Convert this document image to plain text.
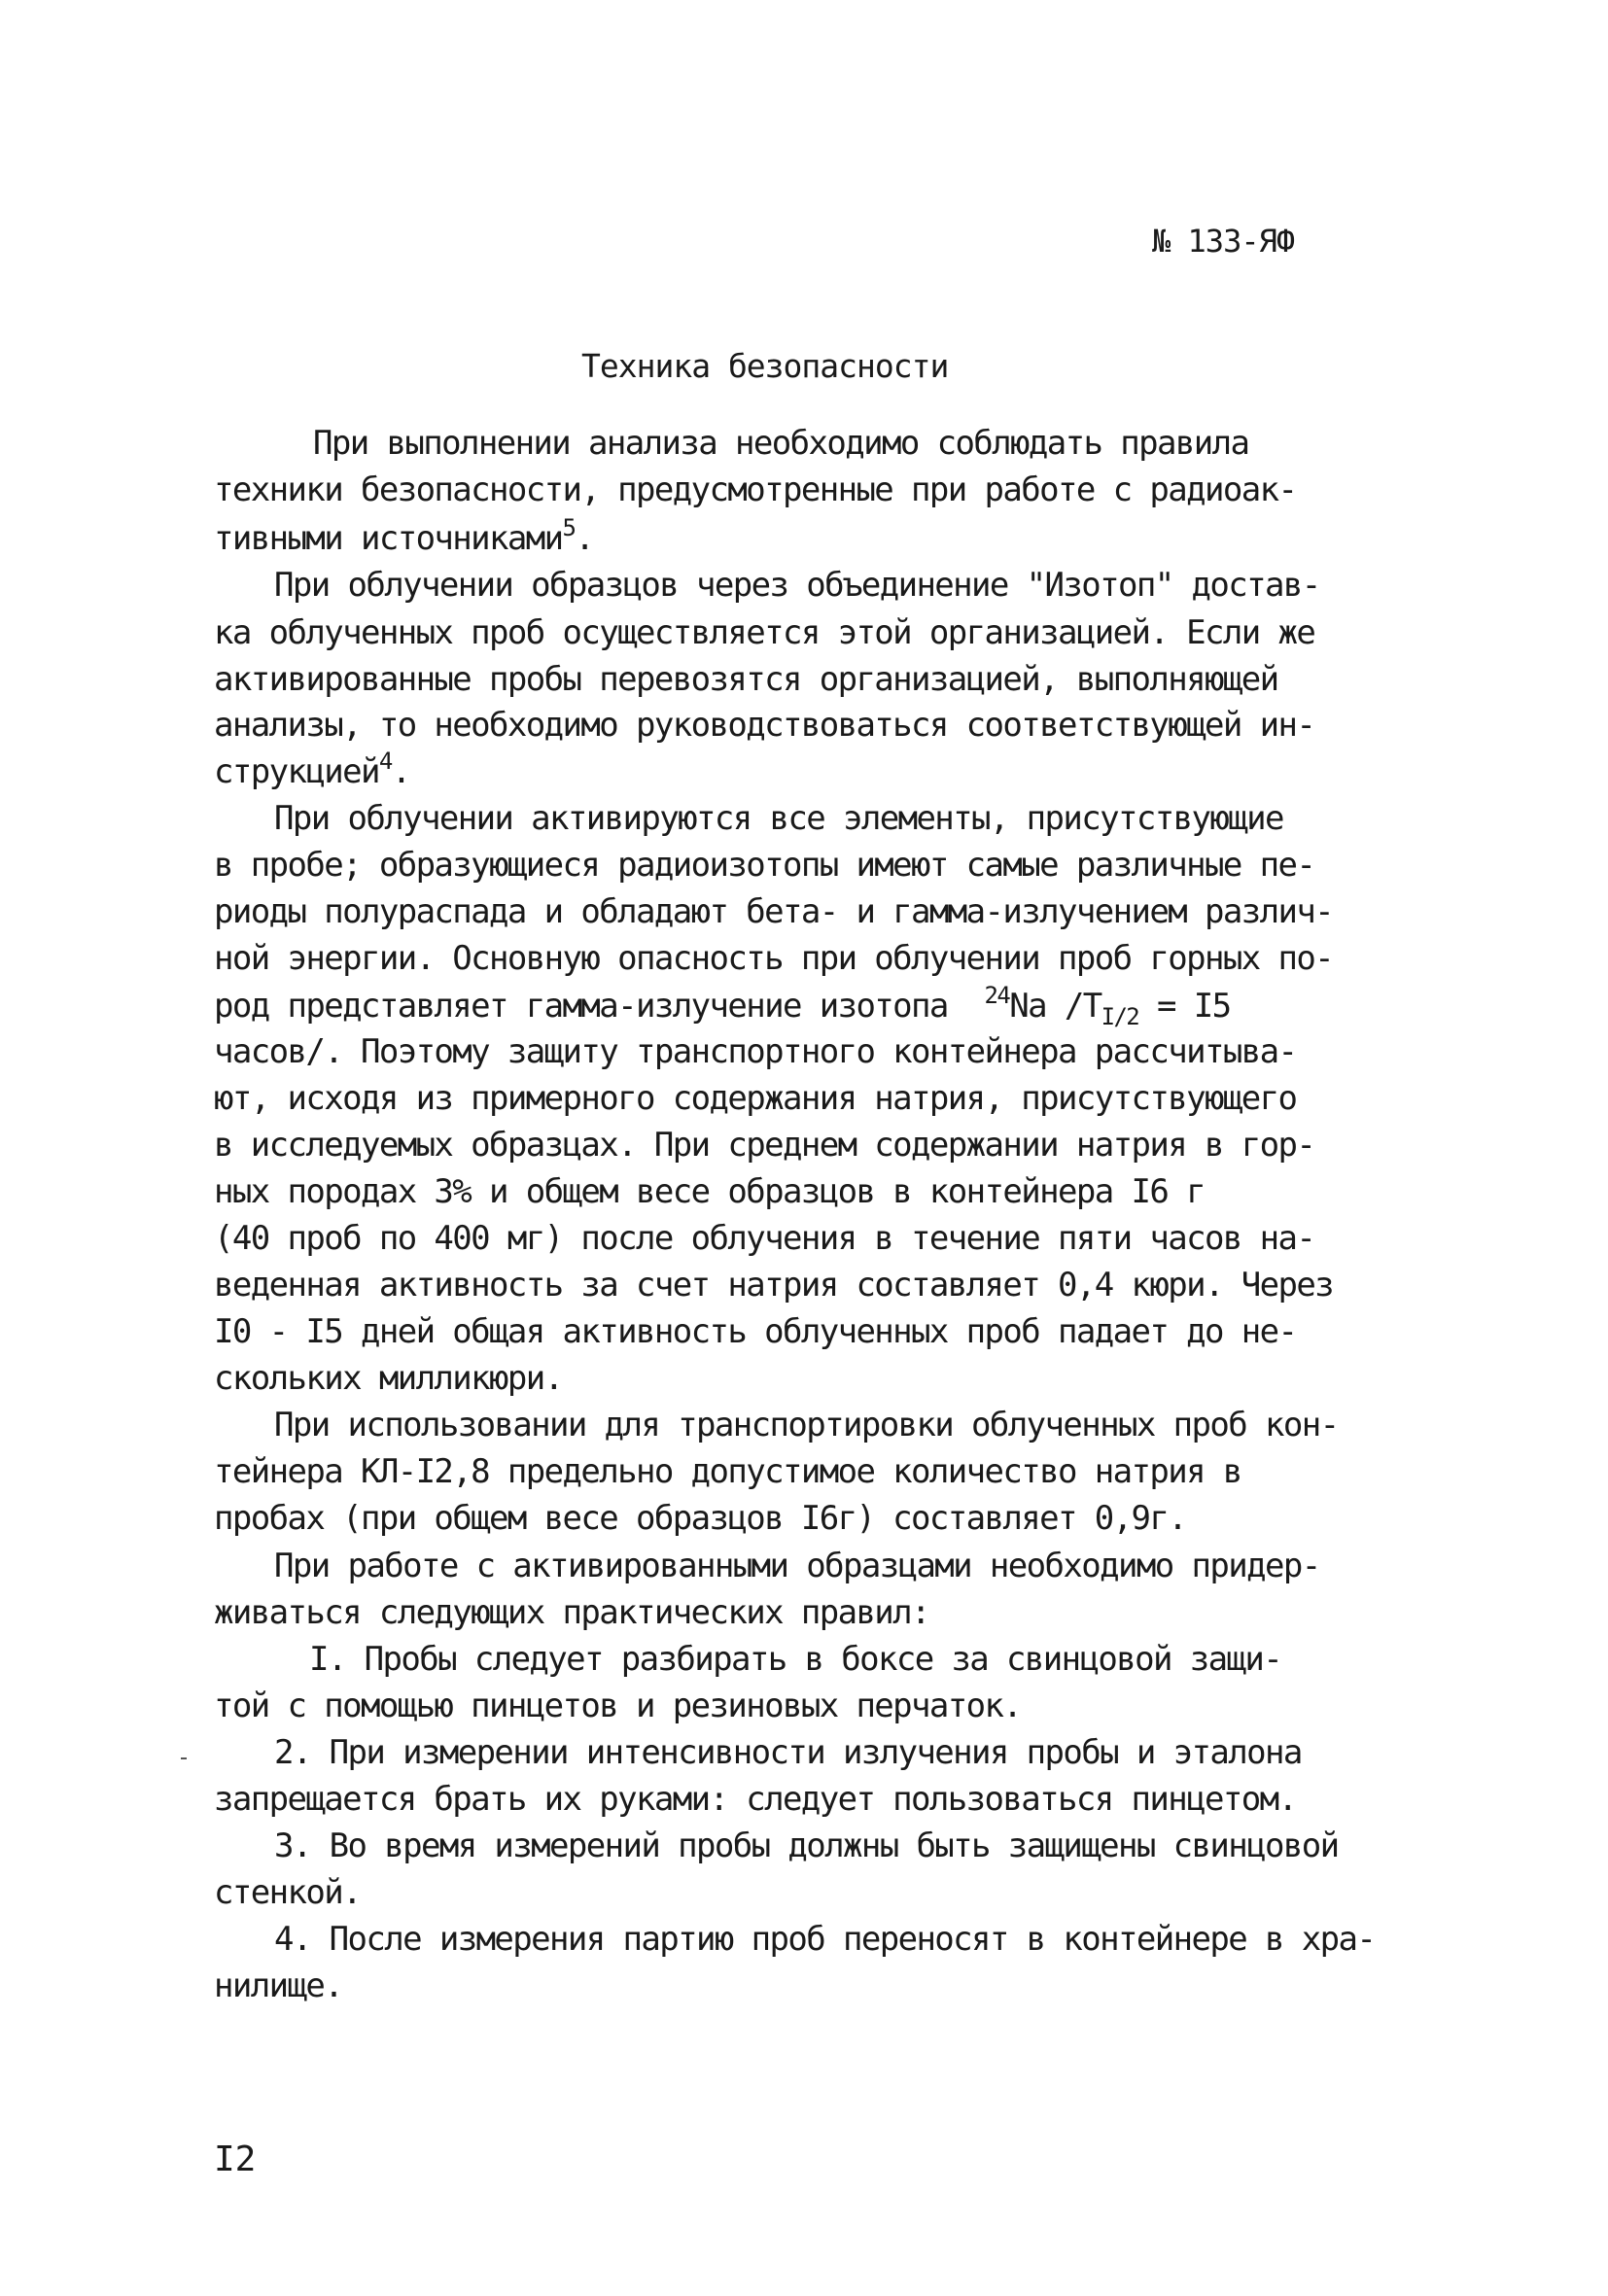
№ 133-ЯФ
Техника безопасности
При выполнении анализа необходимо соблюдать правила
техники безопасности, предусмотренные при работе с радиоак-
тивными источниками$^5$.
При облучении образцов через объединение "Изотоп" достав-
ка облученных проб осуществляется этой организацией. Если же
активированные пробы перевозятся организацией, выполняющей
анализы, то необходимо руководствоваться соответствующей ин-
струкцией$^4$.
При облучении активируются все элементы, присутствующие
в пробе; образующиеся радиоизотопы имеют самые различные пе-
риоды полураспада и обладают бета- и гамма-излучением различ-
ной энергии. Основную опасность при облучении проб горных по-
род представляет гамма-излучение изотопа $^{24}$Na $/T_{I/2} = I5$
часов/. Поэтому защиту транспортного контейнера рассчитыва-
ют, исходя из примерного содержания натрия, присутствующего
в исследуемых образцах. При среднем содержании натрия в гор-
ных породах 3% и общем весе образцов в контейнера I6 г
(40 проб по 400 мг) после облучения в течение пяти часов на-
веденная активность за счет натрия составляет 0,4 кюри. Через
I0 - I5 дней общая активность облученных проб падает до не-
скольких милликюри.
При использовании для транспортировки облученных проб кон-
тейнера КЛ-I2,8 предельно допустимое количество натрия в
пробах (при общем весе образцов I6г) составляет 0,9г.
При работе с активированными образцами необходимо придер-
живаться следующих практических правил:
I. Пробы следует разбирать в боксе за свинцовой защи-
той с помощью пинцетов и резиновых перчаток.
2. При измерении интенсивности излучения пробы и эталона
запрещается брать их руками: следует пользоваться пинцетом.
3. Во время измерений пробы должны быть защищены свинцовой
стенкой.
4. После измерения партию проб переносят в контейнере в хра-
нилище.
I2
